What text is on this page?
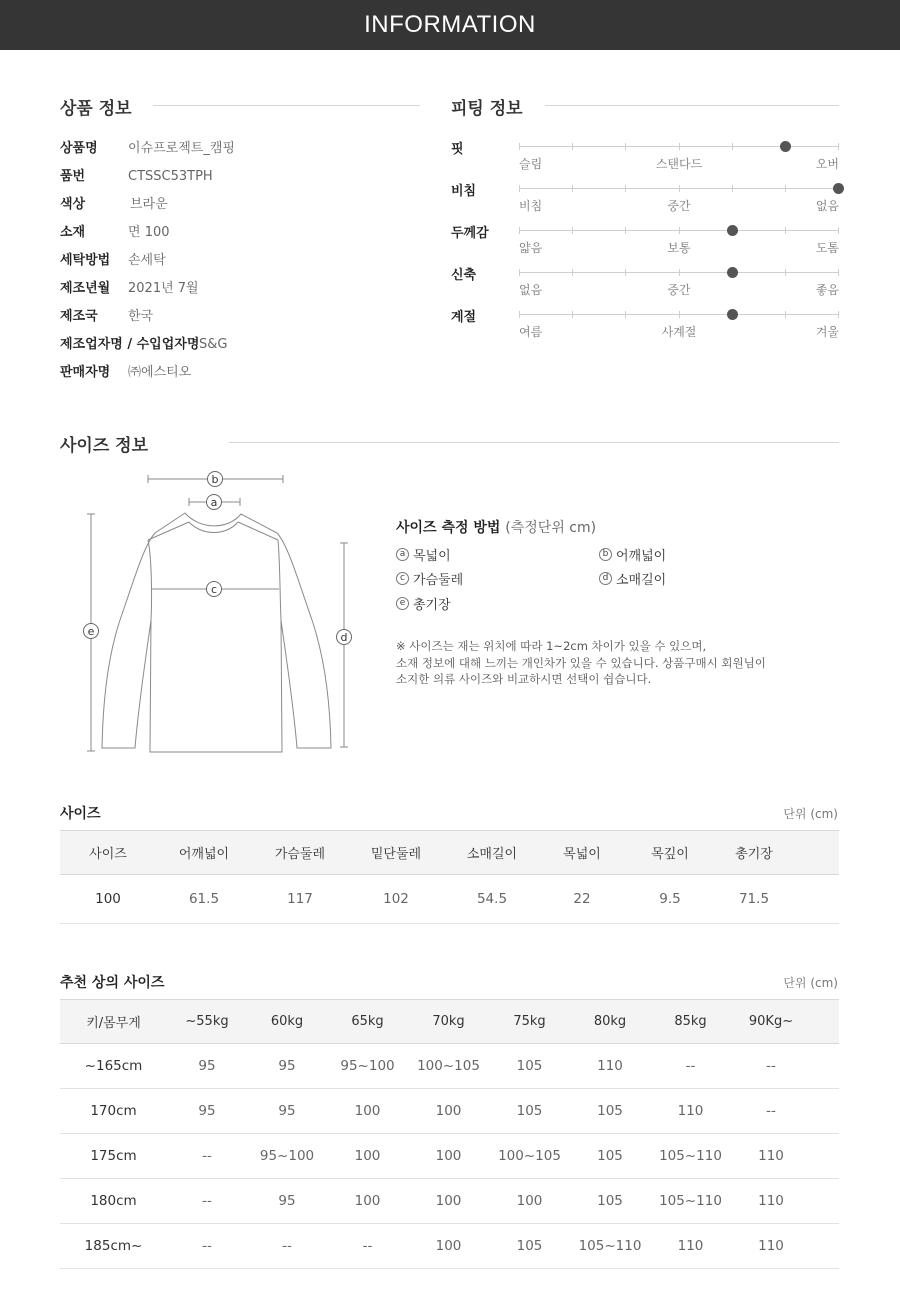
INFORMATION
상품 정보
상품명 이슈프로젝트_캠핑
품번	CTSSC53TPH
색상	브라운
소재	면 100
세탁방법 손세탁
제조년월 2021년 7월
제조국 한국
제조업자명 / 수입업자명 S&G
판매자명 ㈜에스티오
피팅 정보
핏
슬림	스탠다드	오버
비침
비침	중간	없음
두께감
얇음	보통	도톰
신축
없음	중간	좋음
계절
여름	사계절	겨울
사이즈 정보
b
a
c
e	d
사이즈 측정 방법 (측정단위 cm)
a 목넓이	b 어깨넓이
c 가슴둘레	d 소매길이
e 총기장
※ 사이즈는 재는 위치에 따라 1~2cm 차이가 있을 수 있으며,
소재 정보에 대해 느끼는 개인차가 있을 수 있습니다. 상품구매시 회원님이
소지한 의류 사이즈와 비교하시면 선택이 쉽습니다.
사이즈	단위 (cm)
사이즈	어깨넓이	가슴둘레	밑단둘레	소매길이	목넓이	목깊이	총기장	
100	61.5	117	102	54.5	22	9.5	71.5	
추천 상의 사이즈	단위 (cm)
키/몸무게	~55kg	60kg	65kg	70kg	75kg	80kg	85kg	90Kg~	
~165cm	95	95	95~100	100~105	105	110	--	--	
170cm	95	95	100	100	105	105	110	--	
175cm	--	95~100	100	100	100~105	105	105~110	110	
180cm	--	95	100	100	100	105	105~110	110	
185cm~	--	--	--	100	105	105~110	110	110	
